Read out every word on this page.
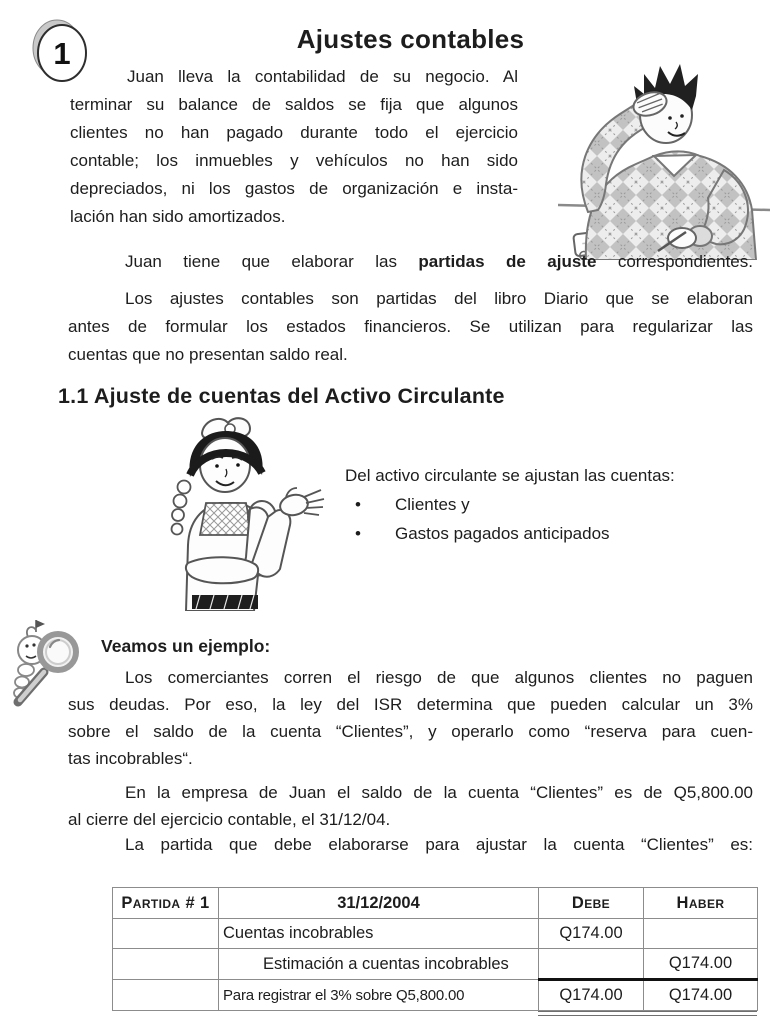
1	Ajustes contables
Juan lleva la contabilidad de su negocio. Al
terminar su balance de saldos se fija que algunos
clientes no han pagado durante todo el ejercicio
contable; los inmuebles y vehículos no han sido
depreciados, ni los gastos de organización e insta-
lación han sido amortizados.
Juan tiene que elaborar las partidas de ajuste correspondientes.
Los ajustes contables son partidas del libro Diario que se elaboran
antes de formular los estados financieros. Se utilizan para regularizar las
cuentas que no presentan saldo real.
1.1 Ajuste de cuentas del Activo Circulante
Del activo circulante se ajustan las cuentas:
• Clientes y
• Gastos pagados anticipados
Veamos un ejemplo:
Los comerciantes corren el riesgo de que algunos clientes no paguen
sus deudas. Por eso, la ley del ISR determina que pueden calcular un 3%
sobre el saldo de la cuenta “Clientes”, y operarlo como “reserva para cuen-
tas incobrables“.
En la empresa de Juan el saldo de la cuenta “Clientes” es de Q5,800.00
al cierre del ejercicio contable, el 31/12/04.
La partida que debe elaborarse para ajustar la cuenta “Clientes” es:
Partida # 1	31/12/2004	Debe	Haber
	Cuentas incobrables	Q174.00	
	Estimación a cuentas incobrables		Q174.00
	Para registrar el 3% sobre Q5,800.00	Q174.00	Q174.00
